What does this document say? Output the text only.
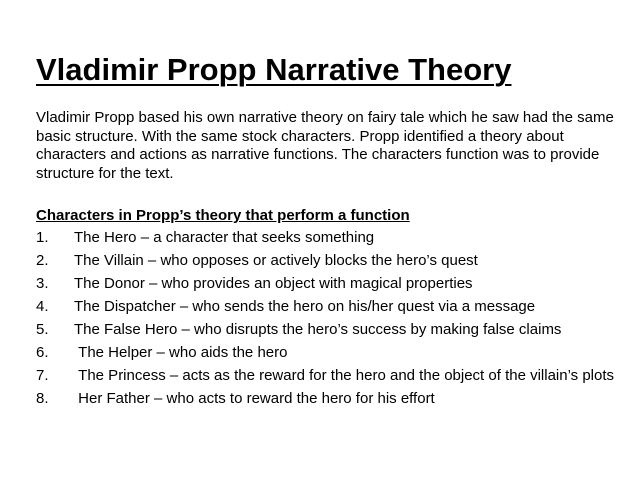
Vladimir Propp Narrative Theory
Vladimir Propp based his own narrative theory on fairy tale which he saw had the same basic structure. With the same stock characters. Propp identified a theory about characters and actions as narrative functions. The characters function was to provide structure for the text.
Characters in Propp’s theory that perform a function
1.	The Hero – a character that seeks something
2.	The Villain – who opposes or actively blocks the hero’s quest
3.	The Donor – who provides an object with magical properties
4.	The Dispatcher – who sends the hero on his/her quest via a message
5.	The False Hero – who disrupts the hero’s success by making false claims
6.	The Helper – who aids the hero
7.	The Princess – acts as the reward for the hero and the object of the villain’s plots
8.	Her Father – who acts to reward the hero for his effort
